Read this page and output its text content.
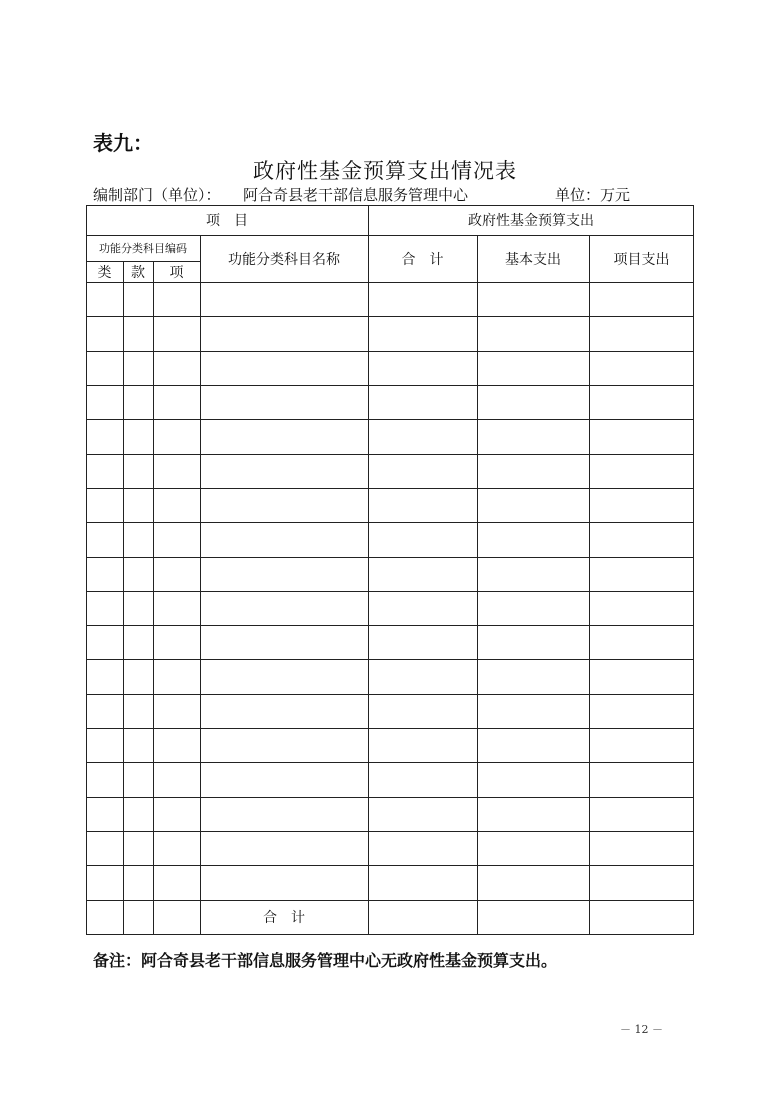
表九：
政府性基金预算支出情况表
编制部门（单位）： 阿合奇县老干部信息服务管理中心	单位：万元
项　目	政府性基金预算支出
功能分类科目编码
类	款	项
功能分类科目名称	合　计	基本支出	项目支出
合　计
备注：阿合奇县老干部信息服务管理中心无政府性基金预算支出。
－ 12 －
